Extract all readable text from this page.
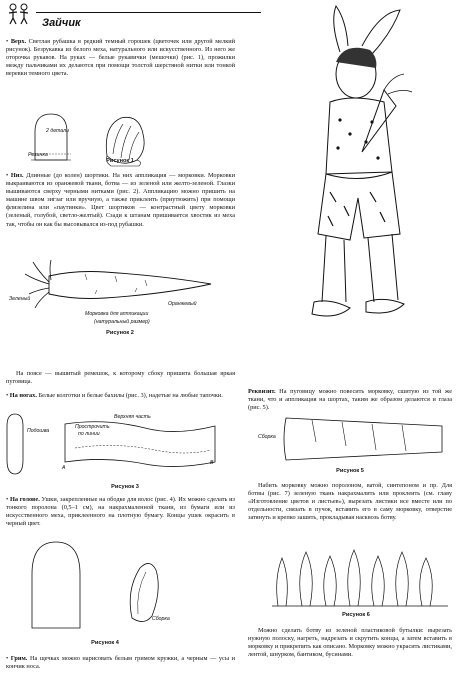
Зайчик

• Верх. Светлая рубашка в редкий темный горошек (цветочек или другой мелкий рисунок). Безрукавка из белого меха, натурального или искусственного. Из него же оторочка рукавов. На руках — белые рукавички (мешочки) (рис. 1), прожилки между пальчиками их делаются при помощи толстой шерстяной нитки или тонкой веревки темного цвета.

2 детали
Резинка
Рисунок 1

• Низ. Длинные (до колен) шортики. На них аппликация — морковки. Морковки выкраиваются из оранжевой ткани, ботва — из зеленой или желто-зеленой. Глазки вышиваются сверху черными нитками (рис. 2). Аппликацию можно пришить на машине швом зигзаг или вручную, а также приклеить (приутюжить) при помощи флизелина или «паутинки». Цвет шортиков — контрастный цвету морковки (зеленый, голубой, светло-желтый). Сзади к штанам пришивается хвостик из меха так, чтобы он как бы высовывался из-под рубашки.

Зеленый
Оранжевый
Морковка для аппликации
(натуральный размер)
Рисунок 2

На поясе — вышитый ремешок, к которому сбоку пришита большая яркая пуговица.

• На ногах. Белые колготки и белые бахилы (рис. 3), надетые на любые тапочки.

Подошва
Верхняя часть
Прострочить
по линии
A
B
Рисунок 3

• На голове. Ушки, закрепленные на ободке для волос (рис. 4). Их можно сделать из тонкого поролона (0,5–1 см), на накрахмаленной ткани, из бумаги или из искусственного меха, приклеенного на плотную бумагу. Концы ушек окрасить в черный цвет.

Сборка
Рисунок 4

• Грим. На щечках можно нарисовать белым гримом кружки, а черным — усы и кончик носа.

Реквизит. На пуговицу можно повесить морковку, сшитую из той же ткани, что и аппликация на шортах, таким же образом делаются и глаза (рис. 5).

Сборка
Рисунок 5

Набить морковку можно поролоном, ватой, синтепоном и пр. Для ботвы (рис. 7) зеленую ткань накрахмалить или проклеить (см. главу «Изготовление цветов и листьев»), вырезать листики все вместе или по отдельности, связать в пучок, вставить его в саму морковку, отверстие затянуть и крепко зашить, прокладывая насквозь ботву.

Рисунок 6

Можно сделать ботву из зеленой пластиковой бутылки: вырезать нужную полоску, нагреть, надрезать и скрутить концы, а затем вставить в морковку и прикрепить как описано. Морковку можно украсить листиками, лентой, шнурком, бантиком, бусинами.
